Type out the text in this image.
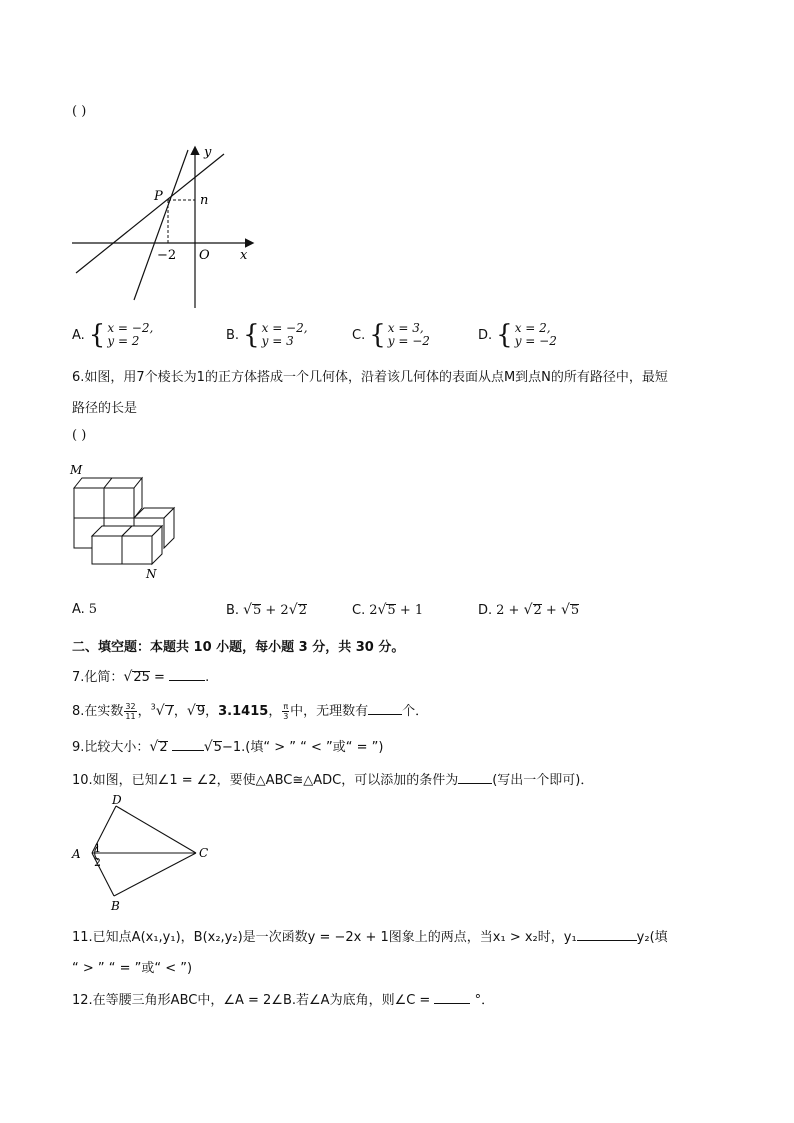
( )
y
x
O
P	n
−2
A. { x = −2,
y = 2	B. { x = −2,
y = 3	C. { x = 3,
y = −2	D. { x = 2,
y = −2
6.如图，用7个棱长为1的正方体搭成一个几何体，沿着该几何体的表面从点M到点N的所有路径中，最短
路径的长是
( )
M
N
A. 5	B. √5 + 2√2	C. 2√5 + 1	D. 2 + √2 + √5
二、填空题：本题共 10 小题，每小题 3 分，共 30 分。
7.化简：√25 =	.
8.在实数 $\frac{32}{11}$ ，$^3$√7，√9，3.1415， $\frac{\pi}{3}$ 中，无理数有	个．
9.比较大小：√2	√5−1.(填“ > ” “ < ”或“ = ”)
10.如图，已知∠1 = ∠2，要使△ABC≅△ADC，可以添加的条件为	(写出一个即可)．
D
A
B
C
1
2
11.已知点A(x₁,y₁)，B(x₂,y₂)是一次函数y = −2x + 1图象上的两点，当x₁ > x₂时，y₁	y₂(填
“ > ” “ = ”或“ < ”)
12.在等腰三角形ABC中，∠A = 2∠B.若∠A为底角，则∠C =	°．
